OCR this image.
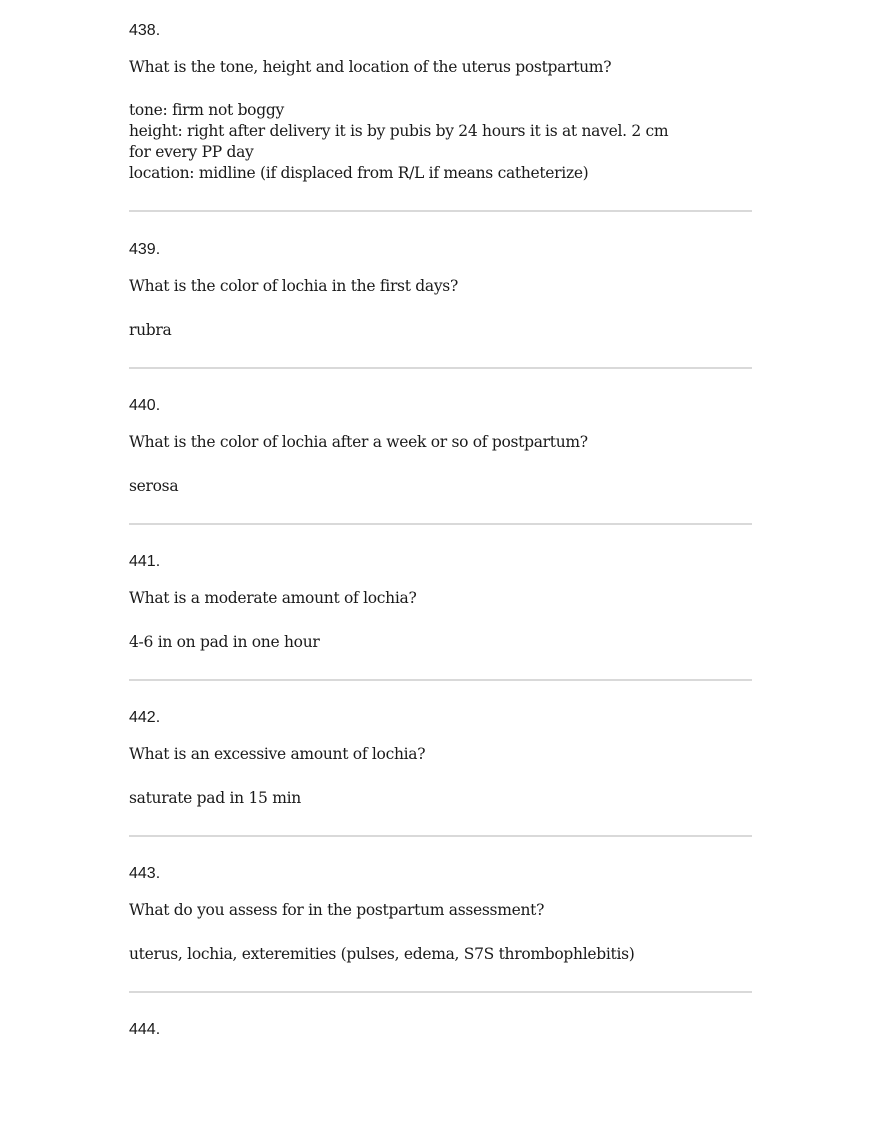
438.

What is the tone, height and location of the uterus postpartum?

tone: firm not boggy
height: right after delivery it is by pubis by 24 hours it is at navel. 2 cm
for every PP day
location: midline (if displaced from R/L if means catheterize)

439.

What is the color of lochia in the first days?

rubra

440.

What is the color of lochia after a week or so of postpartum?

serosa

441.

What is a moderate amount of lochia?

4-6 in on pad in one hour

442.

What is an excessive amount of lochia?

saturate pad in 15 min

443.

What do you assess for in the postpartum assessment?

uterus, lochia, exteremities (pulses, edema, S7S thrombophlebitis)

444.
